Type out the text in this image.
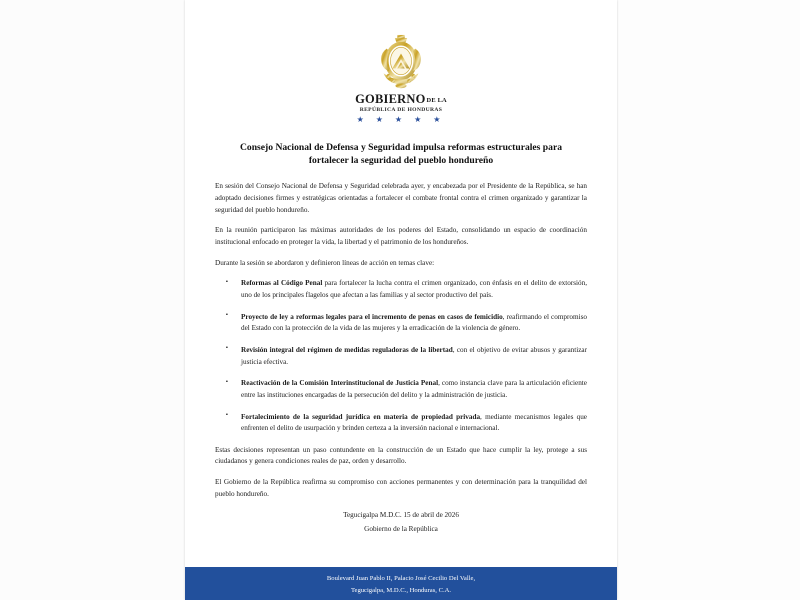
GOBIERNODE LA
REPÚBLICA DE HONDURAS
★ ★ ★ ★ ★
Consejo Nacional de Defensa y Seguridad impulsa reformas estructurales para fortalecer la seguridad del pueblo hondureño

En sesión del Consejo Nacional de Defensa y Seguridad celebrada ayer, y encabezada por el Presidente de la República, se han adoptado decisiones firmes y estratégicas orientadas a fortalecer el combate frontal contra el crimen organizado y garantizar la seguridad del pueblo hondureño.

En la reunión participaron las máximas autoridades de los poderes del Estado, consolidando un espacio de coordinación institucional enfocado en proteger la vida, la libertad y el patrimonio de los hondureños.

Durante la sesión se abordaron y definieron líneas de acción en temas clave:

▪ Reformas al Código Penal para fortalecer la lucha contra el crimen organizado, con énfasis en el delito de extorsión, uno de los principales flagelos que afectan a las familias y al sector productivo del país.
▪ Proyecto de ley a reformas legales para el incremento de penas en casos de femicidio, reafirmando el compromiso del Estado con la protección de la vida de las mujeres y la erradicación de la violencia de género.
▪ Revisión integral del régimen de medidas reguladoras de la libertad, con el objetivo de evitar abusos y garantizar justicia efectiva.
▪ Reactivación de la Comisión Interinstitucional de Justicia Penal, como instancia clave para la articulación eficiente entre las instituciones encargadas de la persecución del delito y la administración de justicia.
▪ Fortalecimiento de la seguridad jurídica en materia de propiedad privada, mediante mecanismos legales que enfrenten el delito de usurpación y brinden certeza a la inversión nacional e internacional.

Estas decisiones representan un paso contundente en la construcción de un Estado que hace cumplir la ley, protege a sus ciudadanos y genera condiciones reales de paz, orden y desarrollo.

El Gobierno de la República reafirma su compromiso con acciones permanentes y con determinación para la tranquilidad del pueblo hondureño.

Tegucigalpa M.D.C. 15 de abril de 2026
Gobierno de la República
Boulevard Juan Pablo II, Palacio José Cecilio Del Valle,
Tegucigalpa, M.D.C., Honduras, C.A.
